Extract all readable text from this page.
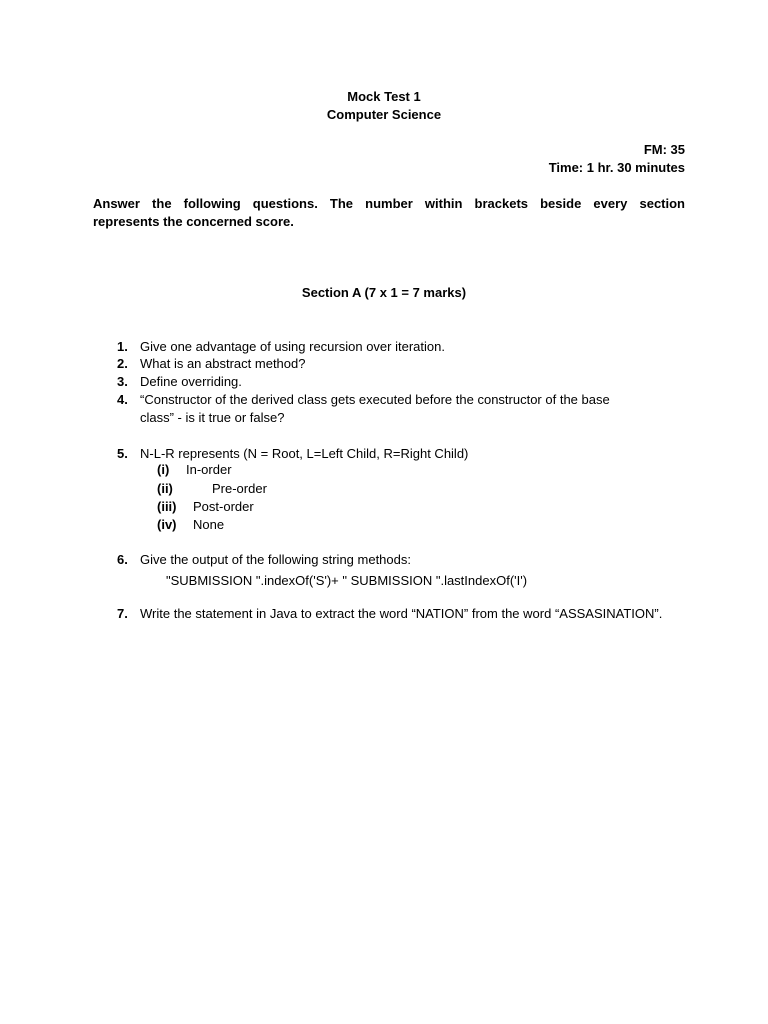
Mock Test 1
Computer Science
FM: 35
Time: 1 hr. 30 minutes
Answer the following questions. The number within brackets beside every section
represents the concerned score.
Section A (7 x 1 = 7 marks)
1. Give one advantage of using recursion over iteration.
2. What is an abstract method?
3. Define overriding.
4. “Constructor of the derived class gets executed before the constructor of the base
class” - is it true or false?
5. N-L-R represents (N = Root, L=Left Child, R=Right Child)
(i) In-order
(ii)	Pre-order
(iii) Post-order
(iv) None
6. Give the output of the following string methods:
"SUBMISSION ".indexOf('S')+ " SUBMISSION ".lastIndexOf('I')
7. Write the statement in Java to extract the word “NATION” from the word “ASSASINATION”.
